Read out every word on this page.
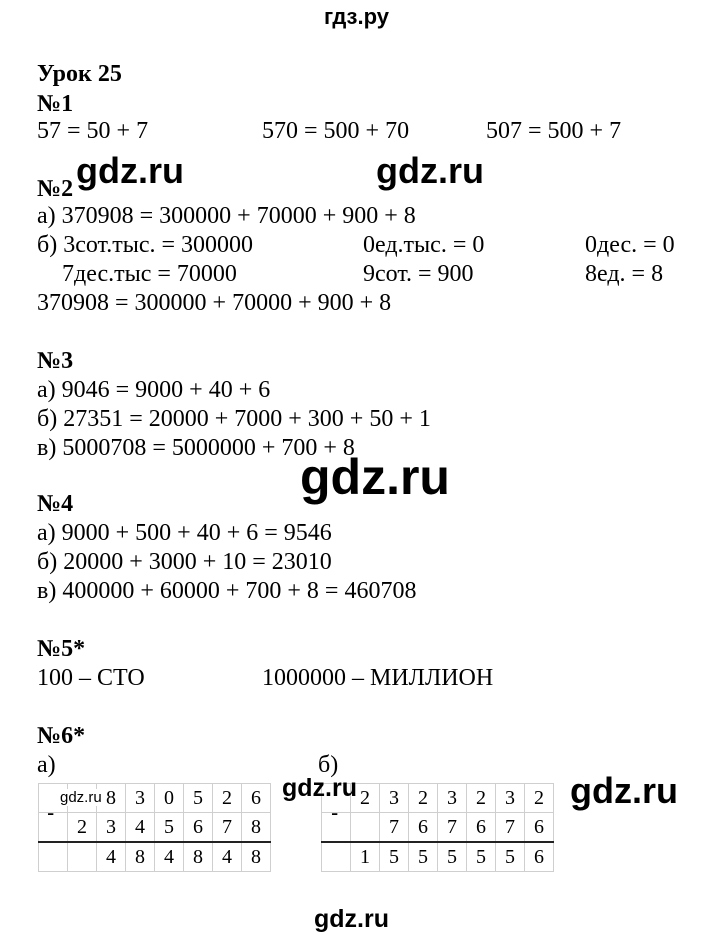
гдз.ру
Урок 25
№1
57 = 50 + 7	570 = 500 + 70	507 = 500 + 7
№2
а) 370908 = 300000 + 70000 + 900 + 8
б) 3сот.тыс. = 300000	0ед.тыс. = 0	0дес. = 0
7дес.тыс = 70000	9сот. = 900	8ед. = 8
370908 = 300000 + 70000 + 900 + 8
№3
а) 9046 = 9000 + 40 + 6
б) 27351 = 20000 + 7000 + 300 + 50 + 1
в) 5000708 = 5000000 + 700 + 8
№4
а) 9000 + 500 + 40 + 6 = 9546
б) 20000 + 3000 + 10 = 23010
в) 400000 + 60000 + 700 + 8 = 460708
№5*
100 – СТО	1000000 – МИЛЛИОН
№6*
а)	б)
		8	3	0	5	2	6
	2	3	4	5	6	7	8
		4	8	4	8	4	8
-
	2	3	2	3	2	3	2
		7	6	7	6	7	6
	1	5	5	5	5	5	6
-
gdz.ru	gdz.ru
gdz.ru
gdz.ru	gdz.ru
gdz.ru
gdz.ru
